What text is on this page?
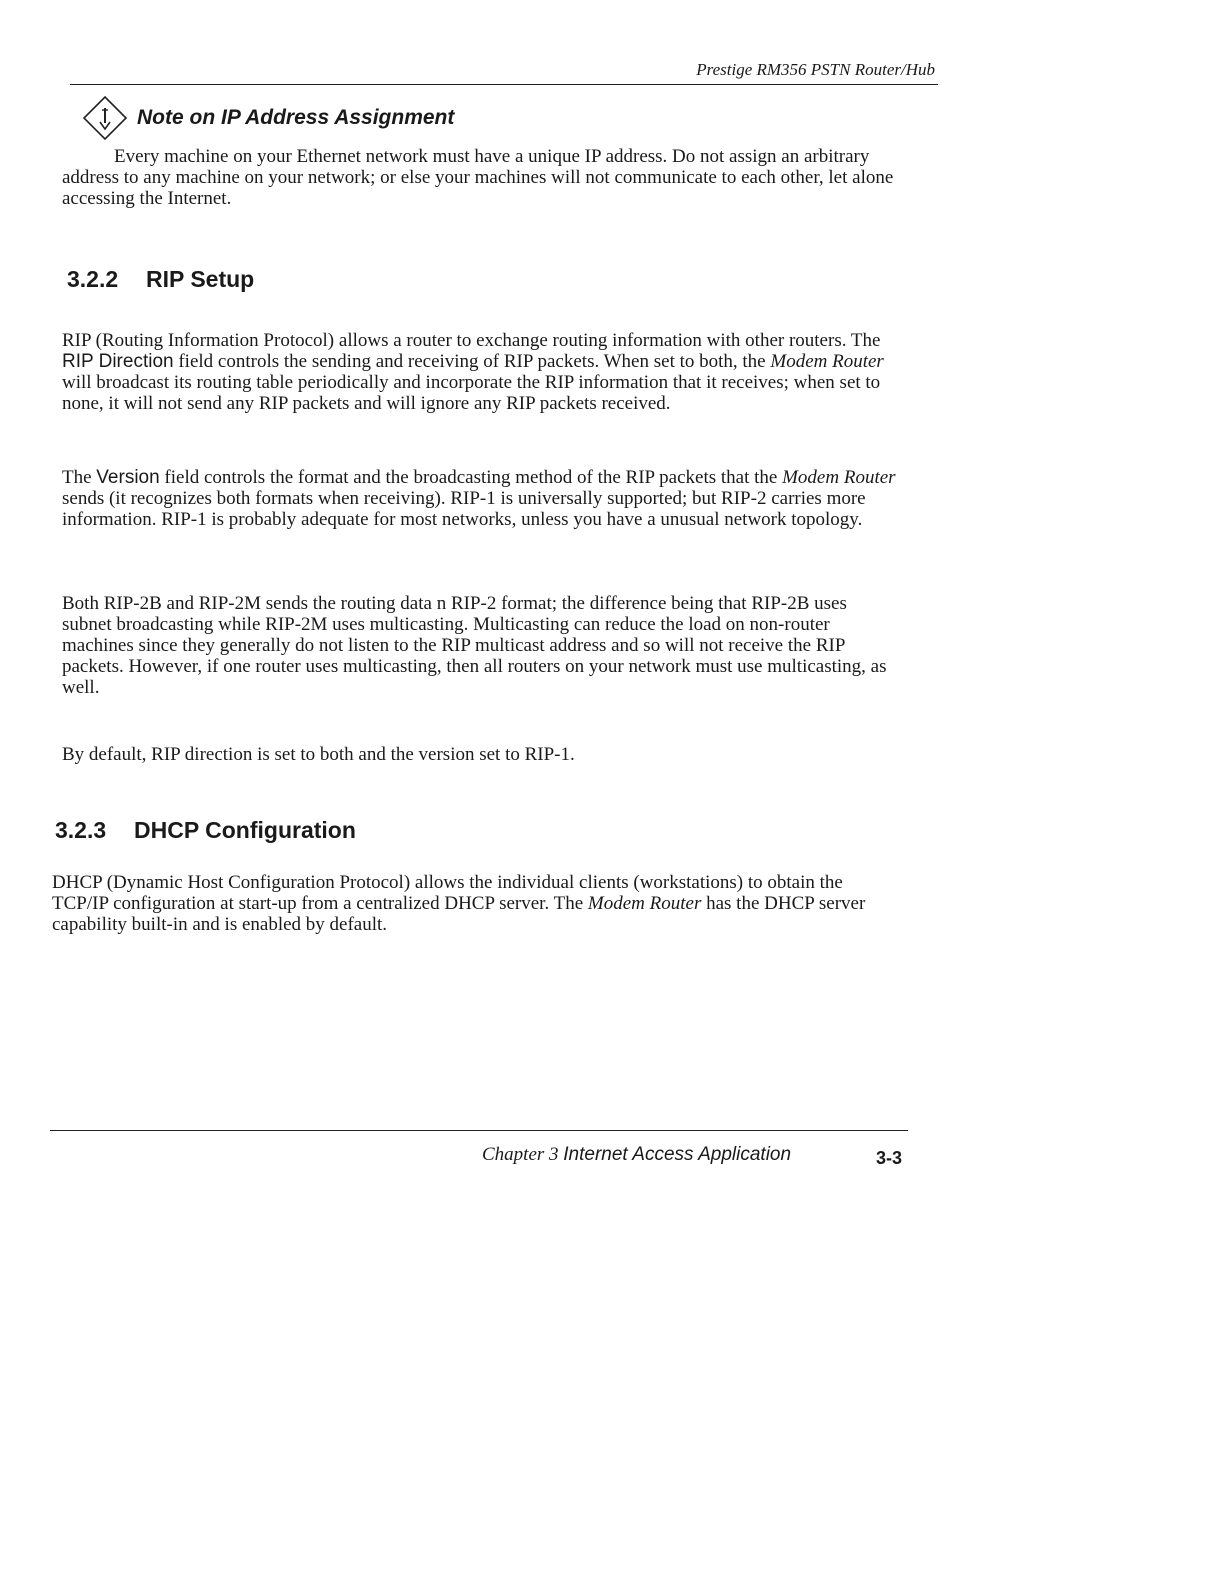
Prestige RM356 PSTN Router/Hub
Note on IP Address Assignment

Every machine on your Ethernet network must have a unique IP address. Do not assign an arbitrary address to any machine on your network; or else your machines will not communicate to each other, let alone accessing the Internet.

3.2.2 RIP Setup

RIP (Routing Information Protocol) allows a router to exchange routing information with other routers. The RIP Direction field controls the sending and receiving of RIP packets. When set to both, the Modem Router will broadcast its routing table periodically and incorporate the RIP information that it receives; when set to none, it will not send any RIP packets and will ignore any RIP packets received.

The Version field controls the format and the broadcasting method of the RIP packets that the Modem Router sends (it recognizes both formats when receiving). RIP-1 is universally supported; but RIP-2 carries more information. RIP-1 is probably adequate for most networks, unless you have a unusual network topology.

Both RIP-2B and RIP-2M sends the routing data n RIP-2 format; the difference being that RIP-2B uses subnet broadcasting while RIP-2M uses multicasting. Multicasting can reduce the load on non-router machines since they generally do not listen to the RIP multicast address and so will not receive the RIP packets. However, if one router uses multicasting, then all routers on your network must use multicasting, as well.

By default, RIP direction is set to both and the version set to RIP-1.

3.2.3 DHCP Configuration

DHCP (Dynamic Host Configuration Protocol) allows the individual clients (workstations) to obtain the TCP/IP configuration at start-up from a centralized DHCP server. The Modem Router has the DHCP server capability built-in and is enabled by default.

Chapter 3 Internet Access Application	3-3
